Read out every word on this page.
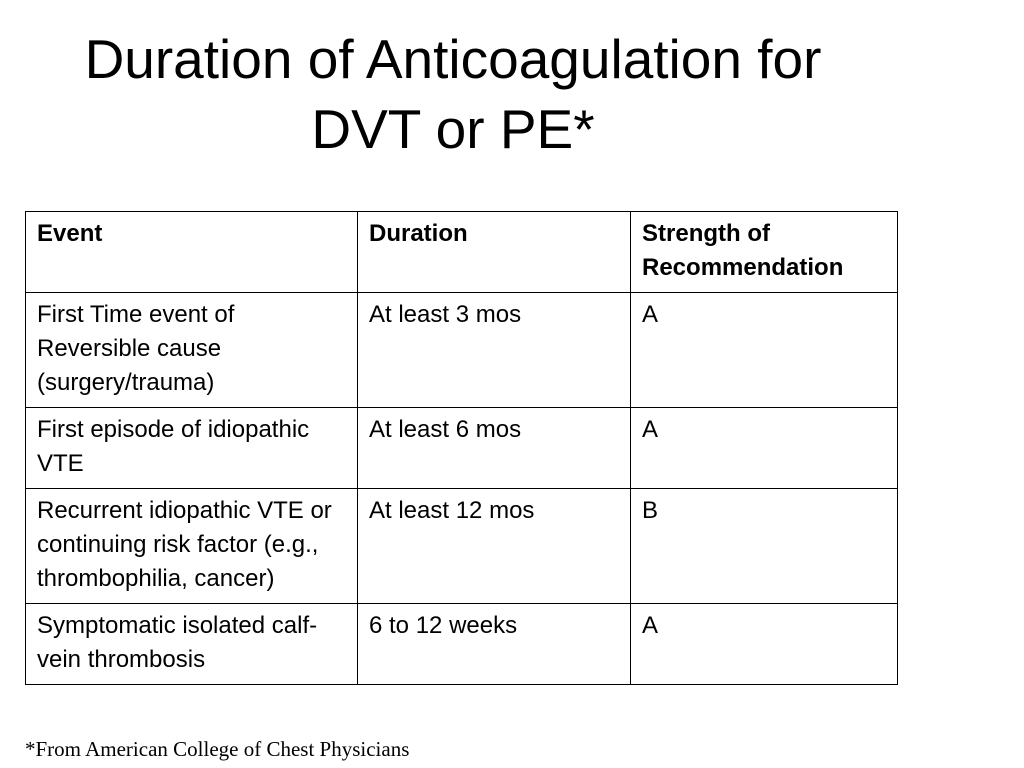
Duration of Anticoagulation for
DVT or PE*
Event	Duration	Strength of Recommendation
First Time event of Reversible cause (surgery/trauma)	At least 3 mos	A
First episode of idiopathic VTE	At least 6 mos	A
Recurrent idiopathic VTE or continuing risk factor (e.g., thrombophilia, cancer)	At least 12 mos	B
Symptomatic isolated calf-vein thrombosis	6 to 12 weeks	A
*From American College of Chest Physicians
